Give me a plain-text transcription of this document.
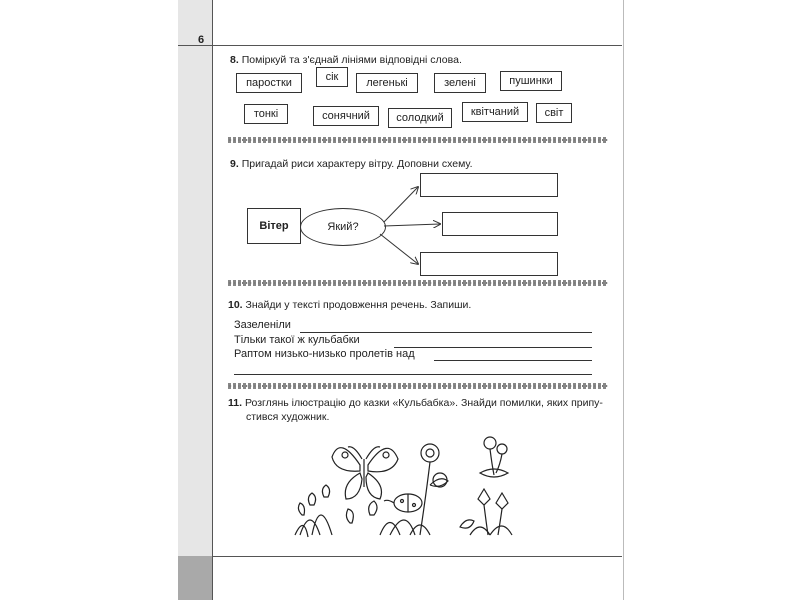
6
8. Поміркуй та з'єднай лініями відповідні слова.
паростки	сік	легенькі	зелені	пушинки
тонкі	сонячний	солодкий	квітчаний	світ
9. Пригадай риси характеру вітру. Доповни схему.
Вітер	Який?
10. Знайди у тексті продовження речень. Запиши.
Зазеленіли
Тільки такої ж кульбабки
Раптом низько-низько пролетів над
11. Розглянь ілюстрацію до казки «Кульбабка». Знайди помилки, яких припу-
стився художник.
